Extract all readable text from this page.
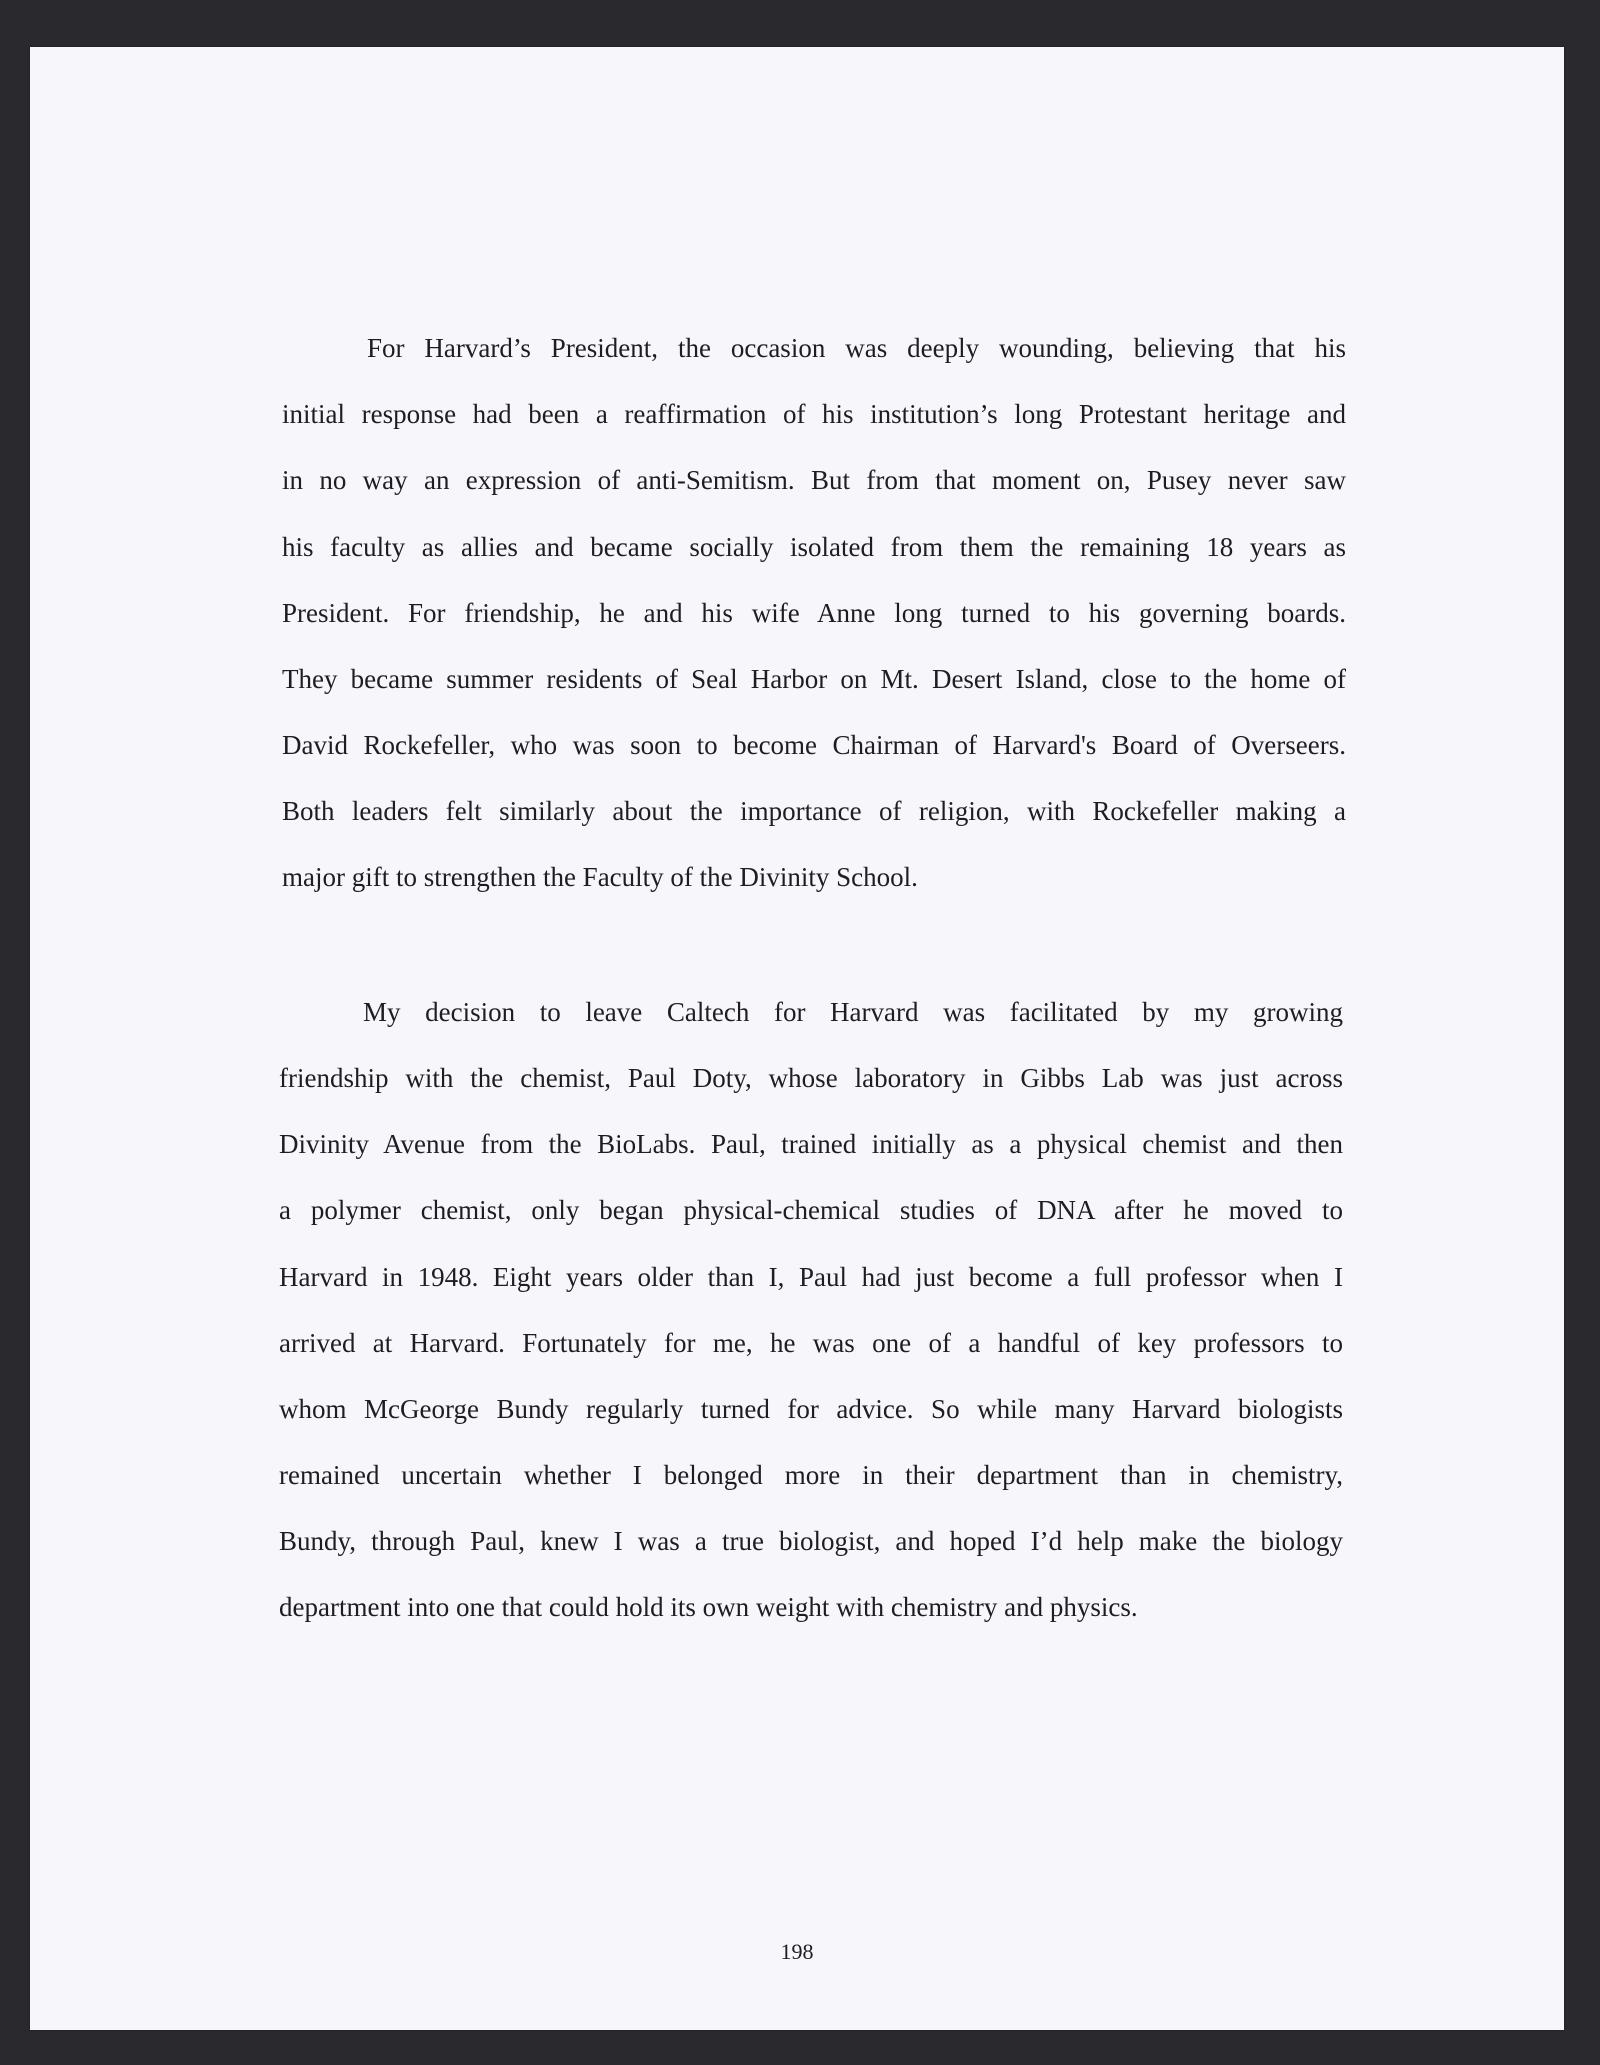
For Harvard’s President, the occasion was deeply wounding, believing that his
initial response had been a reaffirmation of his institution’s long Protestant heritage and
in no way an expression of anti-Semitism. But from that moment on, Pusey never saw
his faculty as allies and became socially isolated from them the remaining 18 years as
President. For friendship, he and his wife Anne long turned to his governing boards.
They became summer residents of Seal Harbor on Mt. Desert Island, close to the home of
David Rockefeller, who was soon to become Chairman of Harvard's Board of Overseers.
Both leaders felt similarly about the importance of religion, with Rockefeller making a
major gift to strengthen the Faculty of the Divinity School.
My decision to leave Caltech for Harvard was facilitated by my growing
friendship with the chemist, Paul Doty, whose laboratory in Gibbs Lab was just across
Divinity Avenue from the BioLabs. Paul, trained initially as a physical chemist and then
a polymer chemist, only began physical-chemical studies of DNA after he moved to
Harvard in 1948. Eight years older than I, Paul had just become a full professor when I
arrived at Harvard. Fortunately for me, he was one of a handful of key professors to
whom McGeorge Bundy regularly turned for advice. So while many Harvard biologists
remained uncertain whether I belonged more in their department than in chemistry,
Bundy, through Paul, knew I was a true biologist, and hoped I’d help make the biology
department into one that could hold its own weight with chemistry and physics.
198
